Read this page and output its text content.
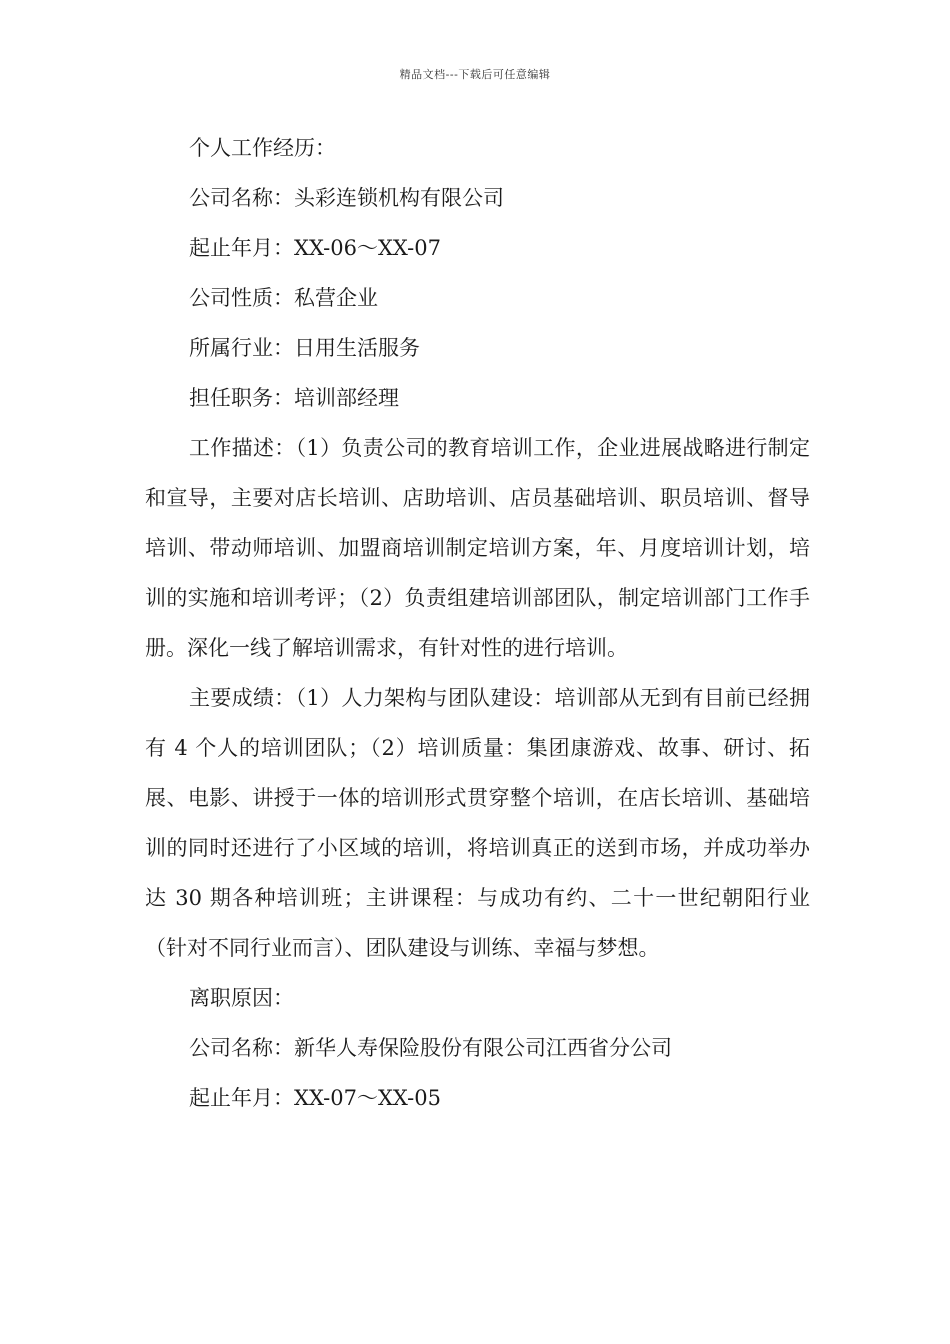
精品文档---下载后可任意编辑
个人工作经历：
公司名称：头彩连锁机构有限公司
起止年月：XX-06～XX-07
公司性质：私营企业
所属行业：日用生活服务
担任职务：培训部经理

工作描述：（1）负责公司的教育培训工作，企业进展战略进行制定和宣导，主要对店长培训、店助培训、店员基础培训、职员培训、督导培训、带动师培训、加盟商培训制定培训方案，年、月度培训计划，培训的实施和培训考评；（2）负责组建培训部团队，制定培训部门工作手册。深化一线了解培训需求，有针对性的进行培训。

主要成绩：（1）人力架构与团队建设：培训部从无到有目前已经拥有 4 个人的培训团队；（2）培训质量：集团康游戏、故事、研讨、拓展、电影、讲授于一体的培训形式贯穿整个培训，在店长培训、基础培训的同时还进行了小区域的培训，将培训真正的送到市场，并成功举办达 30 期各种培训班；主讲课程：与成功有约、二十一世纪朝阳行业（针对不同行业而言）、团队建设与训练、幸福与梦想。

离职原因：
公司名称：新华人寿保险股份有限公司江西省分公司
起止年月：XX-07～XX-05
